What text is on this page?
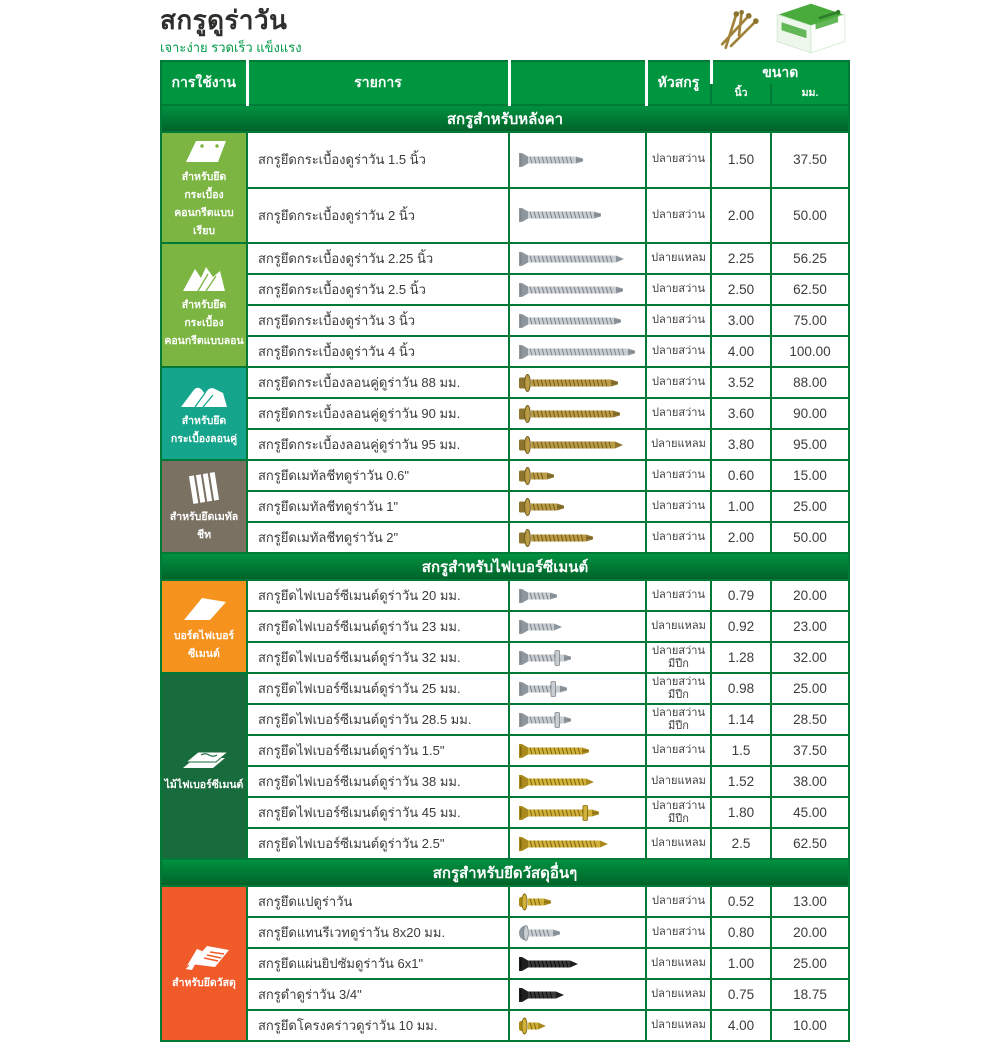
สกรูดูร่าวัน
เจาะง่าย รวดเร็ว แข็งแรง
การใช้งาน	รายการ		หัวสกรู	ขนาด	
				นิ้ว	มม.
สกรูสำหรับหลังคา					

สำหรับยึดกระเบื้อง
คอนกรีตแบบเรียบ	สกรูยึดกระเบื้องดูร่าวัน 1.5 นิ้ว		ปลายสว่าน	1.50	37.50
	สกรูยึดกระเบื้องดูร่าวัน 2 นิ้ว		ปลายสว่าน	2.00	50.00

สำหรับยึดกระเบื้อง
คอนกรีตแบบลอน	สกรูยึดกระเบื้องดูร่าวัน 2.25 นิ้ว		ปลายแหลม	2.25	56.25
	สกรูยึดกระเบื้องดูร่าวัน 2.5 นิ้ว		ปลายสว่าน	2.50	62.50
	สกรูยึดกระเบื้องดูร่าวัน 3 นิ้ว		ปลายสว่าน	3.00	75.00
	สกรูยึดกระเบื้องดูร่าวัน 4 นิ้ว		ปลายสว่าน	4.00	100.00

สำหรับยึด
กระเบื้องลอนคู่	สกรูยึดกระเบื้องลอนคู่ดูร่าวัน 88 มม.		ปลายสว่าน	3.52	88.00
	สกรูยึดกระเบื้องลอนคู่ดูร่าวัน 90 มม.		ปลายสว่าน	3.60	90.00
	สกรูยึดกระเบื้องลอนคู่ดูร่าวัน 95 มม.		ปลายแหลม	3.80	95.00

สำหรับยึดเมทัลชีท	สกรูยึดเมทัลชีทดูร่าวัน 0.6"		ปลายสว่าน	0.60	15.00
	สกรูยึดเมทัลชีทดูร่าวัน 1"		ปลายสว่าน	1.00	25.00
	สกรูยึดเมทัลชีทดูร่าวัน 2"		ปลายสว่าน	2.00	50.00
สกรูสำหรับไฟเบอร์ซีเมนต์					

บอร์ดไฟเบอร์ซีเมนต์	สกรูยึดไฟเบอร์ซีเมนต์ดูร่าวัน 20 มม.		ปลายสว่าน	0.79	20.00
	สกรูยึดไฟเบอร์ซีเมนต์ดูร่าวัน 23 มม.		ปลายแหลม	0.92	23.00
	สกรูยึดไฟเบอร์ซีเมนต์ดูร่าวัน 32 มม.		ปลายสว่าน มีปีก	1.28	32.00

ไม้ไฟเบอร์ซีเมนต์	สกรูยึดไฟเบอร์ซีเมนต์ดูร่าวัน 25 มม.		ปลายสว่าน มีปีก	0.98	25.00
	สกรูยึดไฟเบอร์ซีเมนต์ดูร่าวัน 28.5 มม.		ปลายสว่าน มีปีก	1.14	28.50
	สกรูยึดไฟเบอร์ซีเมนต์ดูร่าวัน 1.5"		ปลายสว่าน	1.5	37.50
	สกรูยึดไฟเบอร์ซีเมนต์ดูร่าวัน 38 มม.		ปลายแหลม	1.52	38.00
	สกรูยึดไฟเบอร์ซีเมนต์ดูร่าวัน 45 มม.		ปลายสว่าน มีปีก	1.80	45.00
	สกรูยึดไฟเบอร์ซีเมนต์ดูร่าวัน 2.5"		ปลายแหลม	2.5	62.50
สกรูสำหรับยึดวัสดุอื่นๆ					

สำหรับยึดวัสดุ	สกรูยึดแปดูร่าวัน		ปลายสว่าน	0.52	13.00
	สกรูยึดแทนรีเวทดูร่าวัน 8x20 มม.		ปลายสว่าน	0.80	20.00
	สกรูยึดแผ่นยิปซัมดูร่าวัน 6x1"		ปลายแหลม	1.00	25.00
	สกรูดำดูร่าวัน 3/4"		ปลายแหลม	0.75	18.75
	สกรูยึดโครงคร่าวดูร่าวัน 10 มม.		ปลายแหลม	4.00	10.00
